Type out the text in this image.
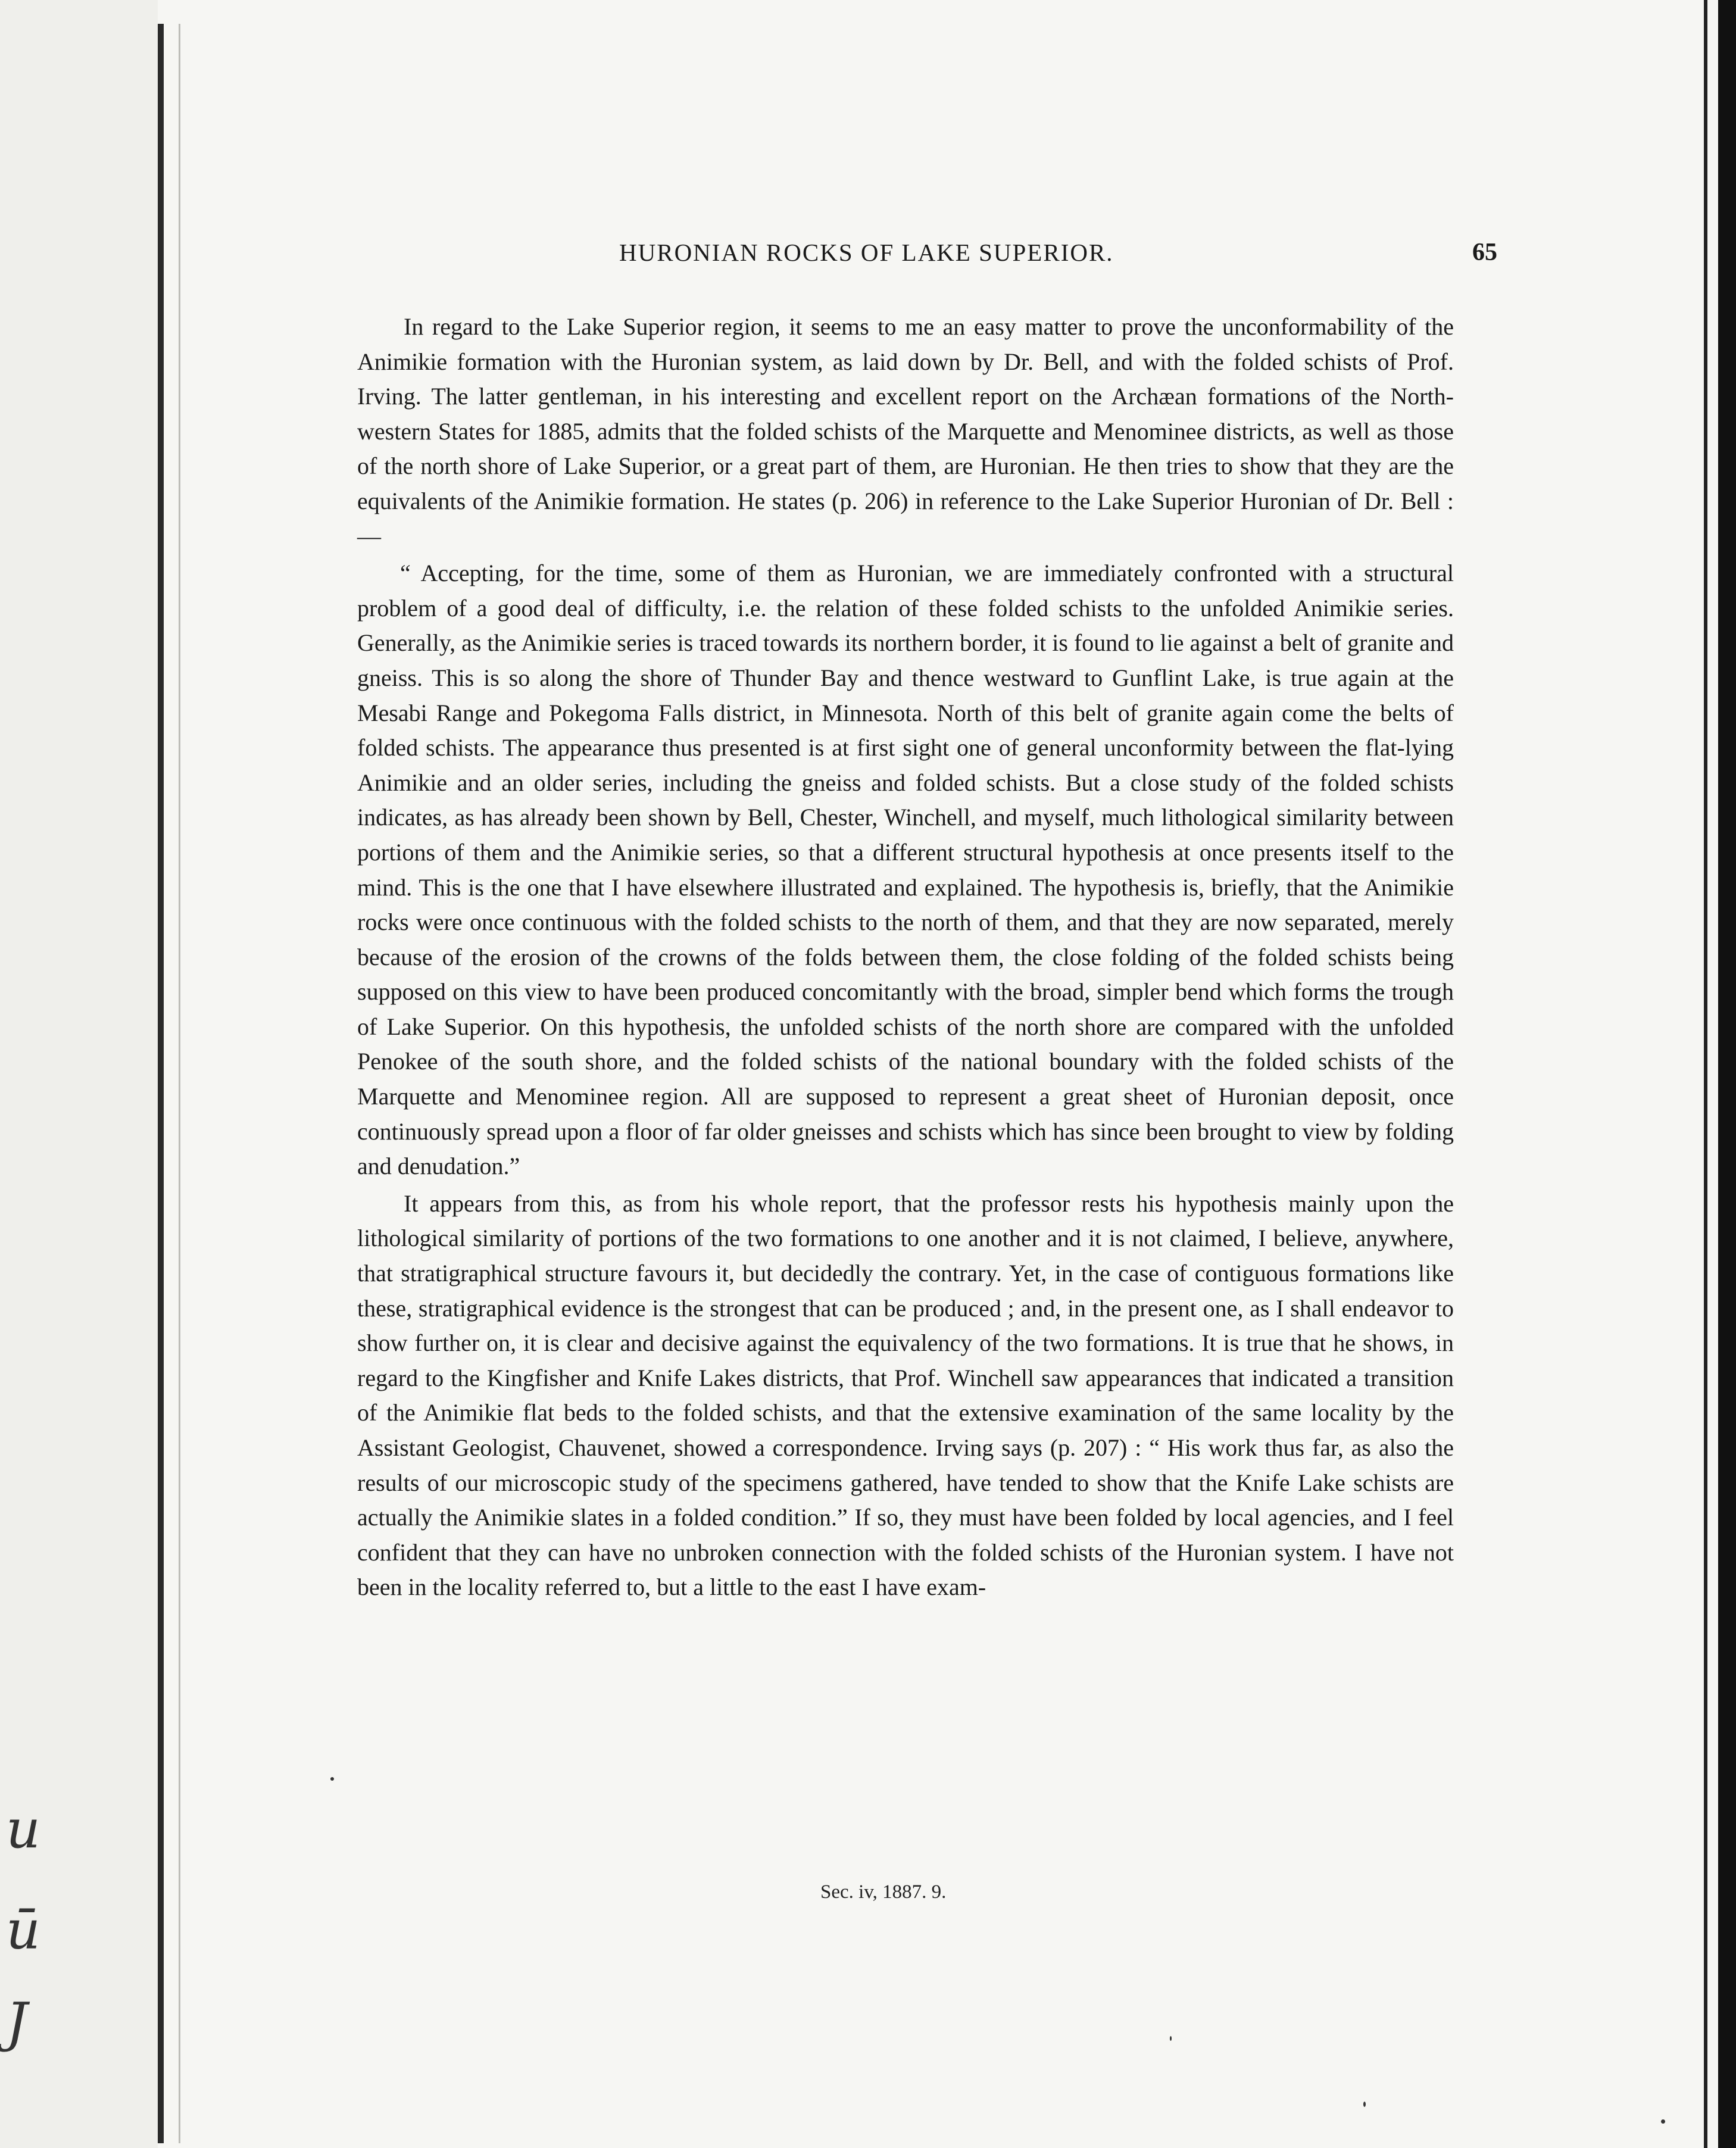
u
ū
J
HURONIAN ROCKS OF LAKE SUPERIOR.	65

In regard to the Lake Superior region, it seems to me an easy matter to prove the unconformability of the Animikie formation with the Huronian system, as laid down by Dr. Bell, and with the folded schists of Prof. Irving. The latter gentleman, in his interesting and excellent report on the Archæan formations of the North-western States for 1885, admits that the folded schists of the Marquette and Menominee districts, as well as those of the north shore of Lake Superior, or a great part of them, are Huronian. He then tries to show that they are the equivalents of the Animikie formation. He states (p. 206) in reference to the Lake Superior Huronian of Dr. Bell :—

“ Accepting, for the time, some of them as Huronian, we are immediately confronted with a structural problem of a good deal of difficulty, i.e. the relation of these folded schists to the unfolded Animikie series. Generally, as the Animikie series is traced towards its northern border, it is found to lie against a belt of granite and gneiss. This is so along the shore of Thunder Bay and thence westward to Gunflint Lake, is true again at the Mesabi Range and Pokegoma Falls district, in Minnesota. North of this belt of granite again come the belts of folded schists. The appearance thus presented is at first sight one of general unconformity between the flat-lying Animikie and an older series, including the gneiss and folded schists. But a close study of the folded schists indicates, as has already been shown by Bell, Chester, Winchell, and myself, much lithological similarity between portions of them and the Animikie series, so that a different structural hypothesis at once presents itself to the mind. This is the one that I have elsewhere illustrated and explained. The hypothesis is, briefly, that the Animikie rocks were once continuous with the folded schists to the north of them, and that they are now separated, merely because of the erosion of the crowns of the folds between them, the close folding of the folded schists being supposed on this view to have been produced concomitantly with the broad, simpler bend which forms the trough of Lake Superior. On this hypothesis, the unfolded schists of the north shore are compared with the unfolded Penokee of the south shore, and the folded schists of the national boundary with the folded schists of the Marquette and Menominee region. All are supposed to represent a great sheet of Huronian deposit, once continuously spread upon a floor of far older gneisses and schists which has since been brought to view by folding and denudation.”

It appears from this, as from his whole report, that the professor rests his hypothesis mainly upon the lithological similarity of portions of the two formations to one another and it is not claimed, I believe, anywhere, that stratigraphical structure favours it, but decidedly the contrary. Yet, in the case of contiguous formations like these, stratigraphical evidence is the strongest that can be produced ; and, in the present one, as I shall endeavor to show further on, it is clear and decisive against the equivalency of the two formations. It is true that he shows, in regard to the Kingfisher and Knife Lakes districts, that Prof. Winchell saw appearances that indicated a transition of the Animikie flat beds to the folded schists, and that the extensive examination of the same locality by the Assistant Geologist, Chauvenet, showed a correspondence. Irving says (p. 207) : “ His work thus far, as also the results of our microscopic study of the specimens gathered, have tended to show that the Knife Lake schists are actually the Animikie slates in a folded condition.” If so, they must have been folded by local agencies, and I feel confident that they can have no unbroken connection with the folded schists of the Huronian system. I have not been in the locality referred to, but a little to the east I have exam-

Sec. iv, 1887. 9.
